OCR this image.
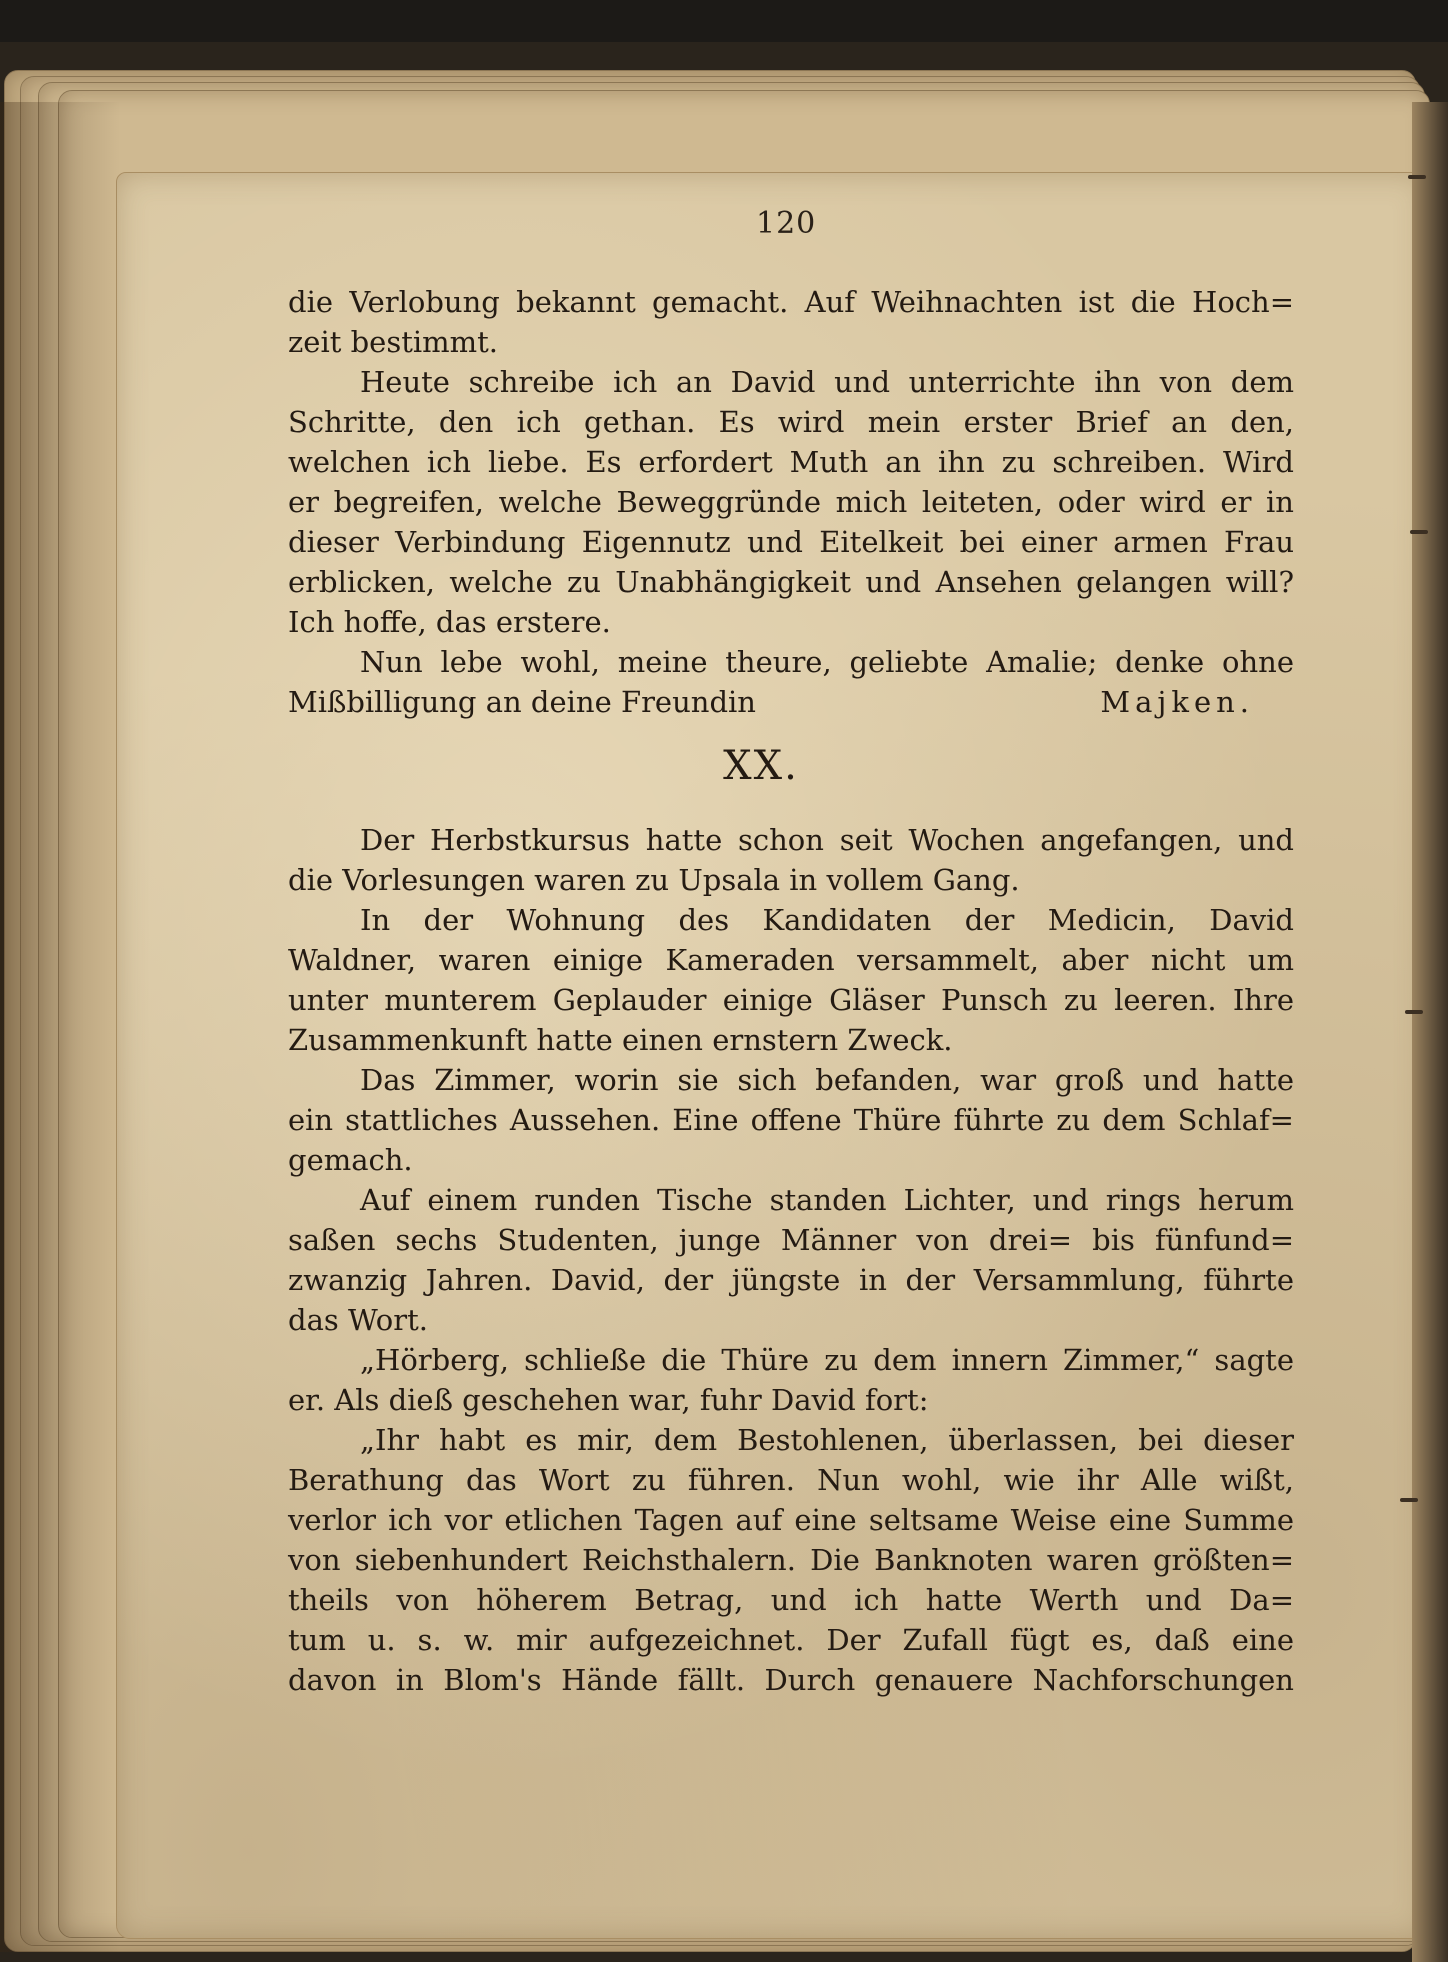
120
die Verlobung bekannt gemacht. Auf Weihnachten ist die Hoch=
zeit bestimmt.
Heute schreibe ich an David und unterrichte ihn von dem
Schritte, den ich gethan. Es wird mein erster Brief an den,
welchen ich liebe. Es erfordert Muth an ihn zu schreiben. Wird
er begreifen, welche Beweggründe mich leiteten, oder wird er in
dieser Verbindung Eigennutz und Eitelkeit bei einer armen Frau
erblicken, welche zu Unabhängigkeit und Ansehen gelangen will?
Ich hoffe, das erstere.
Nun lebe wohl, meine theure, geliebte Amalie; denke ohne
Mißbilligung an deine Freundin	Majken.
XX.
Der Herbstkursus hatte schon seit Wochen angefangen, und
die Vorlesungen waren zu Upsala in vollem Gang.
In der Wohnung des Kandidaten der Medicin, David
Waldner, waren einige Kameraden versammelt, aber nicht um
unter munterem Geplauder einige Gläser Punsch zu leeren. Ihre
Zusammenkunft hatte einen ernstern Zweck.
Das Zimmer, worin sie sich befanden, war groß und hatte
ein stattliches Aussehen. Eine offene Thüre führte zu dem Schlaf=
gemach.
Auf einem runden Tische standen Lichter, und rings herum
saßen sechs Studenten, junge Männer von drei= bis fünfund=
zwanzig Jahren. David, der jüngste in der Versammlung, führte
das Wort.
„Hörberg, schließe die Thüre zu dem innern Zimmer,“ sagte
er. Als dieß geschehen war, fuhr David fort:
„Ihr habt es mir, dem Bestohlenen, überlassen, bei dieser
Berathung das Wort zu führen. Nun wohl, wie ihr Alle wißt,
verlor ich vor etlichen Tagen auf eine seltsame Weise eine Summe
von siebenhundert Reichsthalern. Die Banknoten waren größten=
theils von höherem Betrag, und ich hatte Werth und Da=
tum u. s. w. mir aufgezeichnet. Der Zufall fügt es, daß eine
davon in Blom's Hände fällt. Durch genauere Nachforschungen
